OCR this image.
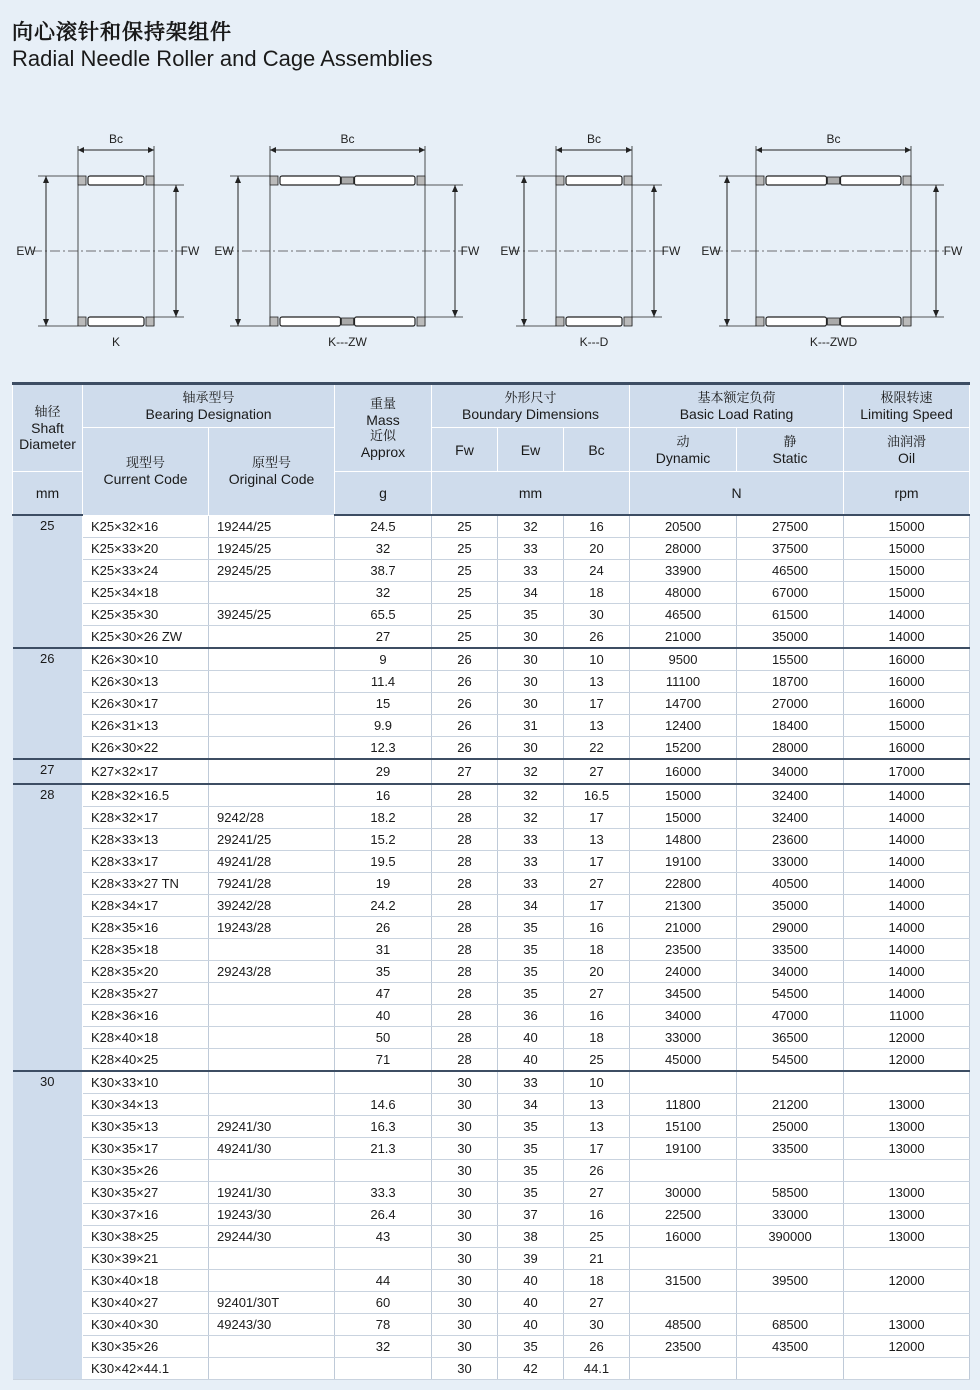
向心滚针和保持架组件
Radial Needle Roller and Cage Assemblies
Bc
EW	FW
K
Bc
EW	FW
K---ZW
Bc
EW	FW
K---D
Bc
EW	FW
K---ZWD
轴径
Shaft Diameter	轴承型号
Bearing Designation		重量
Mass
近似
Approx	外形尺寸
Boundary Dimensions			基本额定负荷
Basic Load Rating		极限转速
Limiting Speed

	现型号
Current Code	原型号
Original Code		Fw	Ew	Bc	动
Dynamic	静
Static	油润滑
Oil
mm			g	mm			N		rpm
25	K25×32×16	19244/25	24.5	25	32	16	20500	27500	15000
	K25×33×20	19245/25	32	25	33	20	28000	37500	15000
	K25×33×24	29245/25	38.7	25	33	24	33900	46500	15000
	K25×34×18		32	25	34	18	48000	67000	15000
	K25×35×30	39245/25	65.5	25	35	30	46500	61500	14000
	K25×30×26 ZW		27	25	30	26	21000	35000	14000
26	K26×30×10		9	26	30	10	9500	15500	16000
	K26×30×13		11.4	26	30	13	11100	18700	16000
	K26×30×17		15	26	30	17	14700	27000	16000
	K26×31×13		9.9	26	31	13	12400	18400	15000
	K26×30×22		12.3	26	30	22	15200	28000	16000
27	K27×32×17		29	27	32	27	16000	34000	17000
28	K28×32×16.5		16	28	32	16.5	15000	32400	14000
	K28×32×17	9242/28	18.2	28	32	17	15000	32400	14000
	K28×33×13	29241/25	15.2	28	33	13	14800	23600	14000
	K28×33×17	49241/28	19.5	28	33	17	19100	33000	14000
	K28×33×27 TN	79241/28	19	28	33	27	22800	40500	14000
	K28×34×17	39242/28	24.2	28	34	17	21300	35000	14000
	K28×35×16	19243/28	26	28	35	16	21000	29000	14000
	K28×35×18		31	28	35	18	23500	33500	14000
	K28×35×20	29243/28	35	28	35	20	24000	34000	14000
	K28×35×27		47	28	35	27	34500	54500	14000
	K28×36×16		40	28	36	16	34000	47000	11000
	K28×40×18		50	28	40	18	33000	36500	12000
	K28×40×25		71	28	40	25	45000	54500	12000
30	K30×33×10			30	33	10			
	K30×34×13		14.6	30	34	13	11800	21200	13000
	K30×35×13	29241/30	16.3	30	35	13	15100	25000	13000
	K30×35×17	49241/30	21.3	30	35	17	19100	33500	13000
	K30×35×26			30	35	26			
	K30×35×27	19241/30	33.3	30	35	27	30000	58500	13000
	K30×37×16	19243/30	26.4	30	37	16	22500	33000	13000
	K30×38×25	29244/30	43	30	38	25	16000	390000	13000
	K30×39×21			30	39	21			
	K30×40×18		44	30	40	18	31500	39500	12000
	K30×40×27	92401/30T	60	30	40	27			
	K30×40×30	49243/30	78	30	40	30	48500	68500	13000
	K30×35×26		32	30	35	26	23500	43500	12000
	K30×42×44.1			30	42	44.1			
